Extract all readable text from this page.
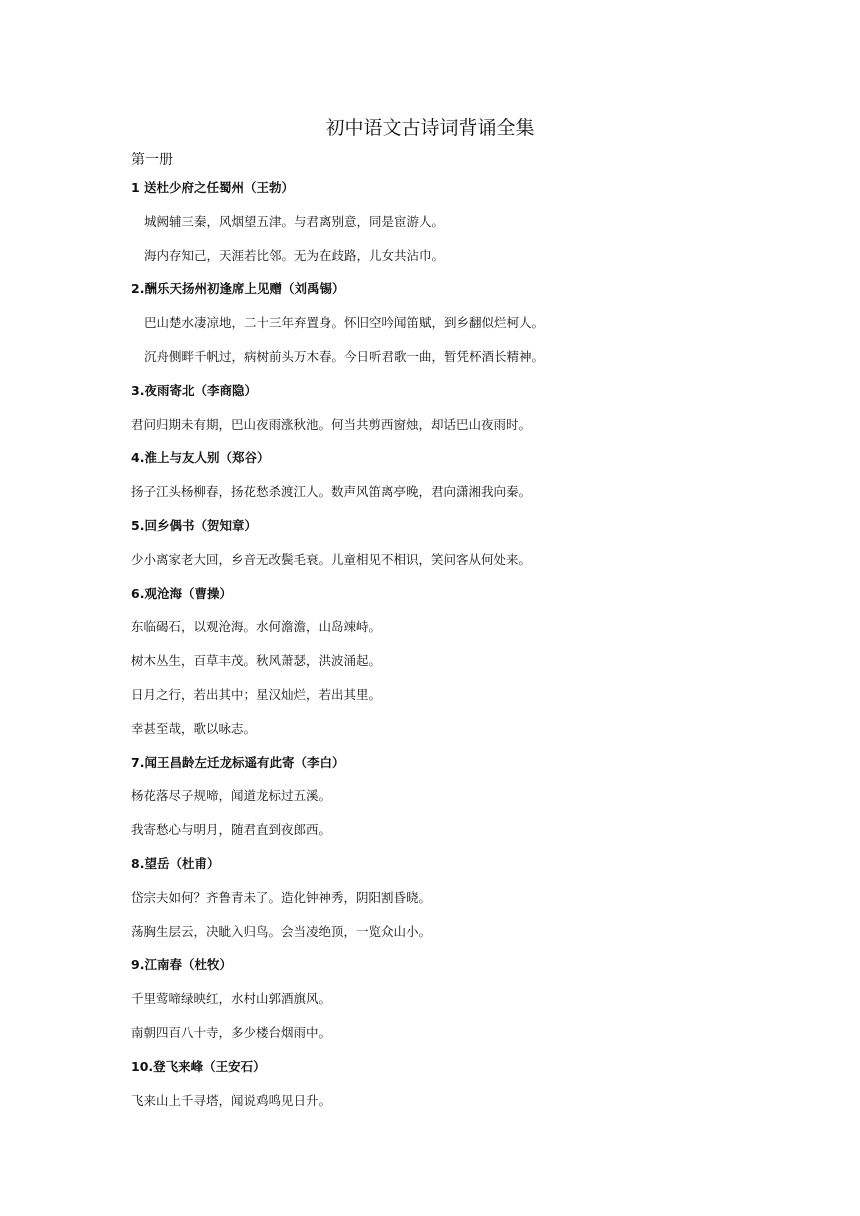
初中语文古诗词背诵全集
第一册
1 送杜少府之任蜀州（王勃）
城阙辅三秦，风烟望五津。与君离别意，同是宦游人。
海内存知己，天涯若比邻。无为在歧路，儿女共沾巾。
2.酬乐天扬州初逢席上见赠（刘禹锡）
巴山楚水凄凉地，二十三年弃置身。怀旧空吟闻笛赋，到乡翻似烂柯人。
沉舟侧畔千帆过，病树前头万木春。今日听君歌一曲，暂凭杯酒长精神。
3.夜雨寄北（李商隐）
君问归期未有期，巴山夜雨涨秋池。何当共剪西窗烛，却话巴山夜雨时。
4.淮上与友人别（郑谷）
扬子江头杨柳春，扬花愁杀渡江人。数声风笛离亭晚，君向潇湘我向秦。
5.回乡偶书（贺知章）
少小离家老大回，乡音无改鬓毛衰。儿童相见不相识，笑问客从何处来。
6.观沧海（曹操）
东临碣石，以观沧海。水何澹澹，山岛竦峙。
树木丛生，百草丰茂。秋风萧瑟，洪波涌起。
日月之行，若出其中；星汉灿烂，若出其里。
幸甚至哉，歌以咏志。
7.闻王昌龄左迁龙标遥有此寄（李白）
杨花落尽子规啼，闻道龙标过五溪。
我寄愁心与明月，随君直到夜郎西。
8.望岳（杜甫）
岱宗夫如何？齐鲁青未了。造化钟神秀，阴阳割昏晓。
荡胸生层云，决眦入归鸟。会当凌绝顶，一览众山小。
9.江南春（杜牧）
千里莺啼绿映红，水村山郭酒旗风。
南朝四百八十寺，多少楼台烟雨中。
10.登飞来峰（王安石）
飞来山上千寻塔，闻说鸡鸣见日升。
